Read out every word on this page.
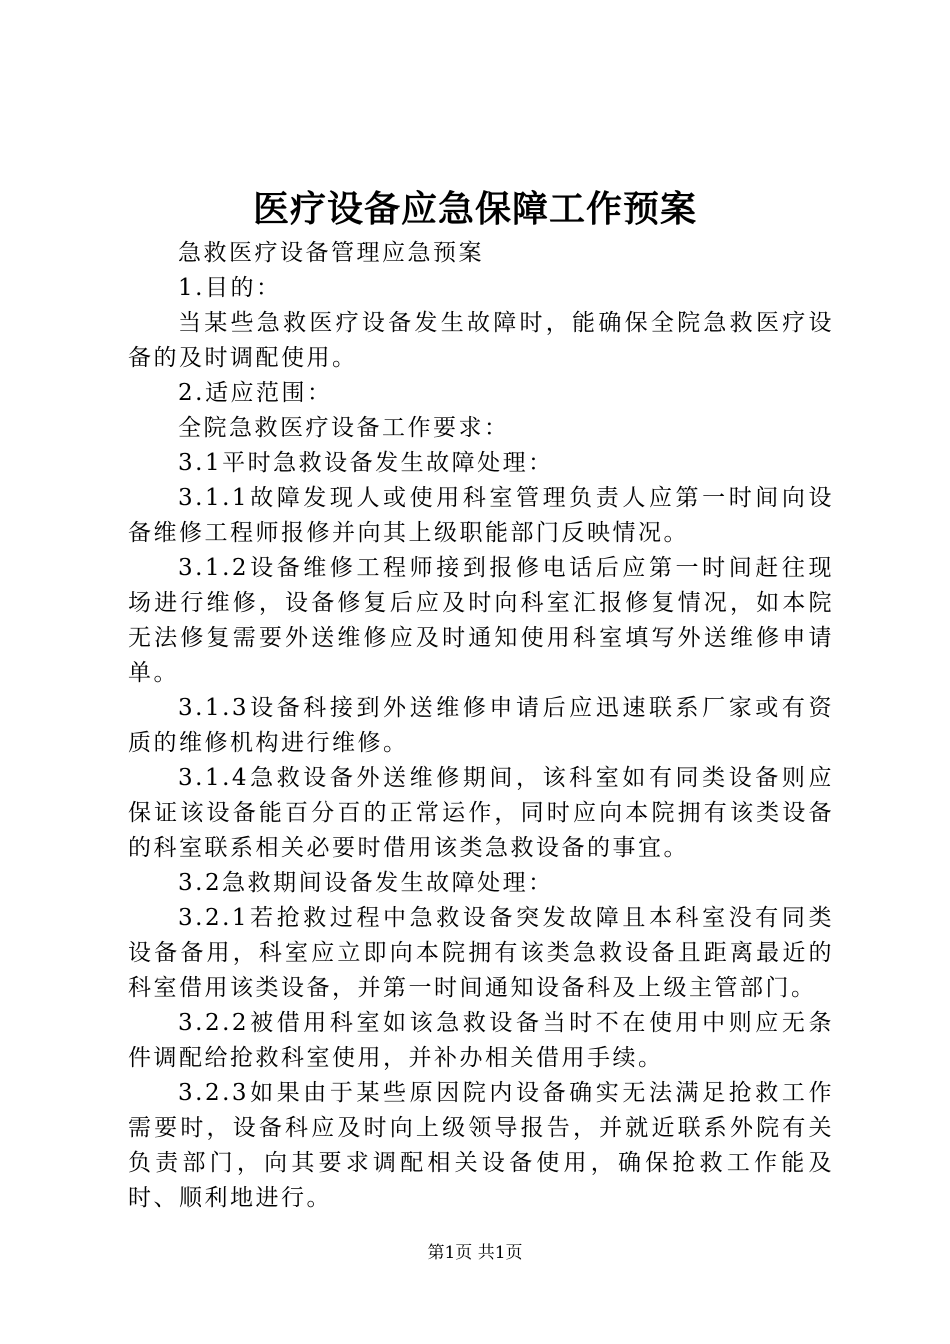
医疗设备应急保障工作预案

急救医疗设备管理应急预案

1.目的：

当某些急救医疗设备发生故障时，能确保全院急救医疗设备的及时调配使用。

2.适应范围：

全院急救医疗设备工作要求：

3.1平时急救设备发生故障处理：

3.1.1故障发现人或使用科室管理负责人应第一时间向设备维修工程师报修并向其上级职能部门反映情况。

3.1.2设备维修工程师接到报修电话后应第一时间赶往现场进行维修，设备修复后应及时向科室汇报修复情况，如本院无法修复需要外送维修应及时通知使用科室填写外送维修申请单。

3.1.3设备科接到外送维修申请后应迅速联系厂家或有资质的维修机构进行维修。

3.1.4急救设备外送维修期间，该科室如有同类设备则应保证该设备能百分百的正常运作，同时应向本院拥有该类设备的科室联系相关必要时借用该类急救设备的事宜。

3.2急救期间设备发生故障处理：

3.2.1若抢救过程中急救设备突发故障且本科室没有同类设备备用，科室应立即向本院拥有该类急救设备且距离最近的科室借用该类设备，并第一时间通知设备科及上级主管部门。

3.2.2被借用科室如该急救设备当时不在使用中则应无条件调配给抢救科室使用，并补办相关借用手续。

3.2.3如果由于某些原因院内设备确实无法满足抢救工作需要时，设备科应及时向上级领导报告，并就近联系外院有关负责部门，向其要求调配相关设备使用，确保抢救工作能及时、顺利地进行。

第1页 共1页
